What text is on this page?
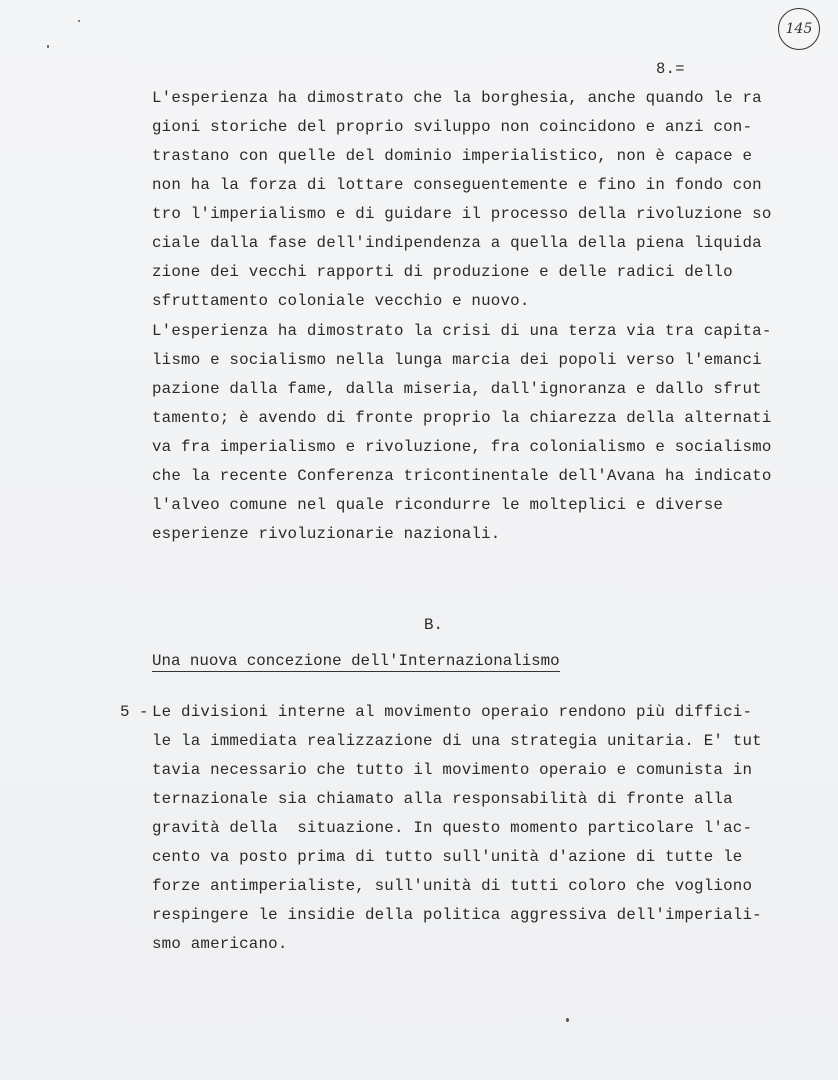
145
8.=
L'esperienza ha dimostrato che la borghesia, anche quando le ra
gioni storiche del proprio sviluppo non coincidono e anzi con-
trastano con quelle del dominio imperialistico, non è capace e
non ha la forza di lottare conseguentemente e fino in fondo con
tro l'imperialismo e di guidare il processo della rivoluzione so
ciale dalla fase dell'indipendenza a quella della piena liquida
zione dei vecchi rapporti di produzione e delle radici dello
sfruttamento coloniale vecchio e nuovo.
L'esperienza ha dimostrato la crisi di una terza via tra capita-
lismo e socialismo nella lunga marcia dei popoli verso l'emanci
pazione dalla fame, dalla miseria, dall'ignoranza e dallo sfrut
tamento; è avendo di fronte proprio la chiarezza della alternati
va fra imperialismo e rivoluzione, fra colonialismo e socialismo
che la recente Conferenza tricontinentale dell'Avana ha indicato
l'alveo comune nel quale ricondurre le molteplici e diverse
esperienze rivoluzionarie nazionali.
B.
Una nuova concezione dell'Internazionalismo
5 - Le divisioni interne al movimento operaio rendono più diffici-
le la immediata realizzazione di una strategia unitaria. E' tut
tavia necessario che tutto il movimento operaio e comunista in
ternazionale sia chiamato alla responsabilità di fronte alla
gravità della  situazione. In questo momento particolare l'ac-
cento va posto prima di tutto sull'unità d'azione di tutte le
forze antimperialiste, sull'unità di tutti coloro che vogliono
respingere le insidie della politica aggressiva dell'imperiali-
smo americano.
